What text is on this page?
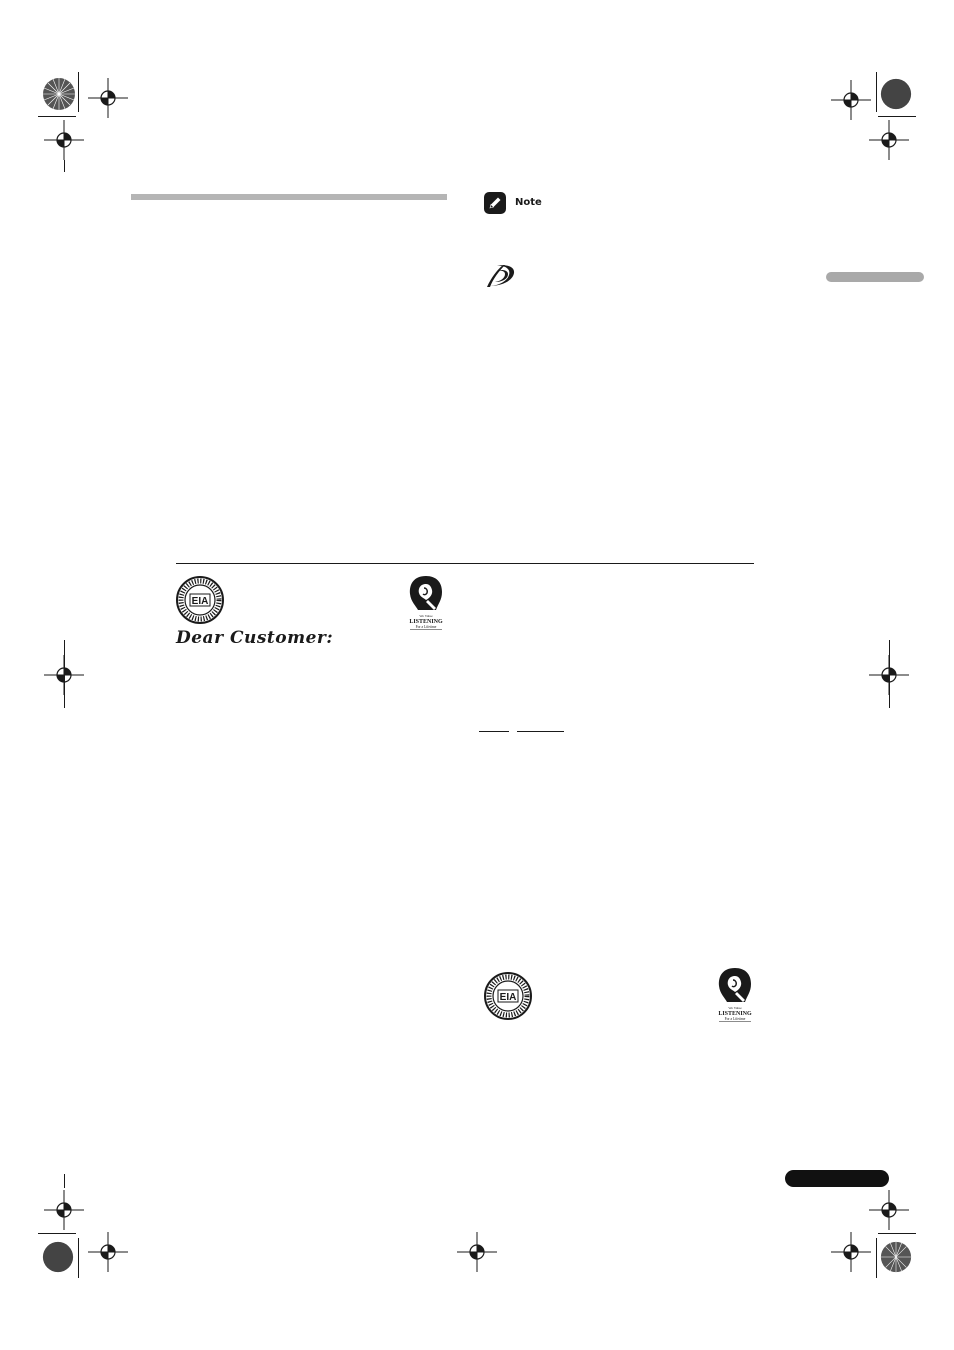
Note
EIA
We Value
LISTENING
For a Lifetime
Dear Customer:
EIA
We Value
LISTENING
For a Lifetime
